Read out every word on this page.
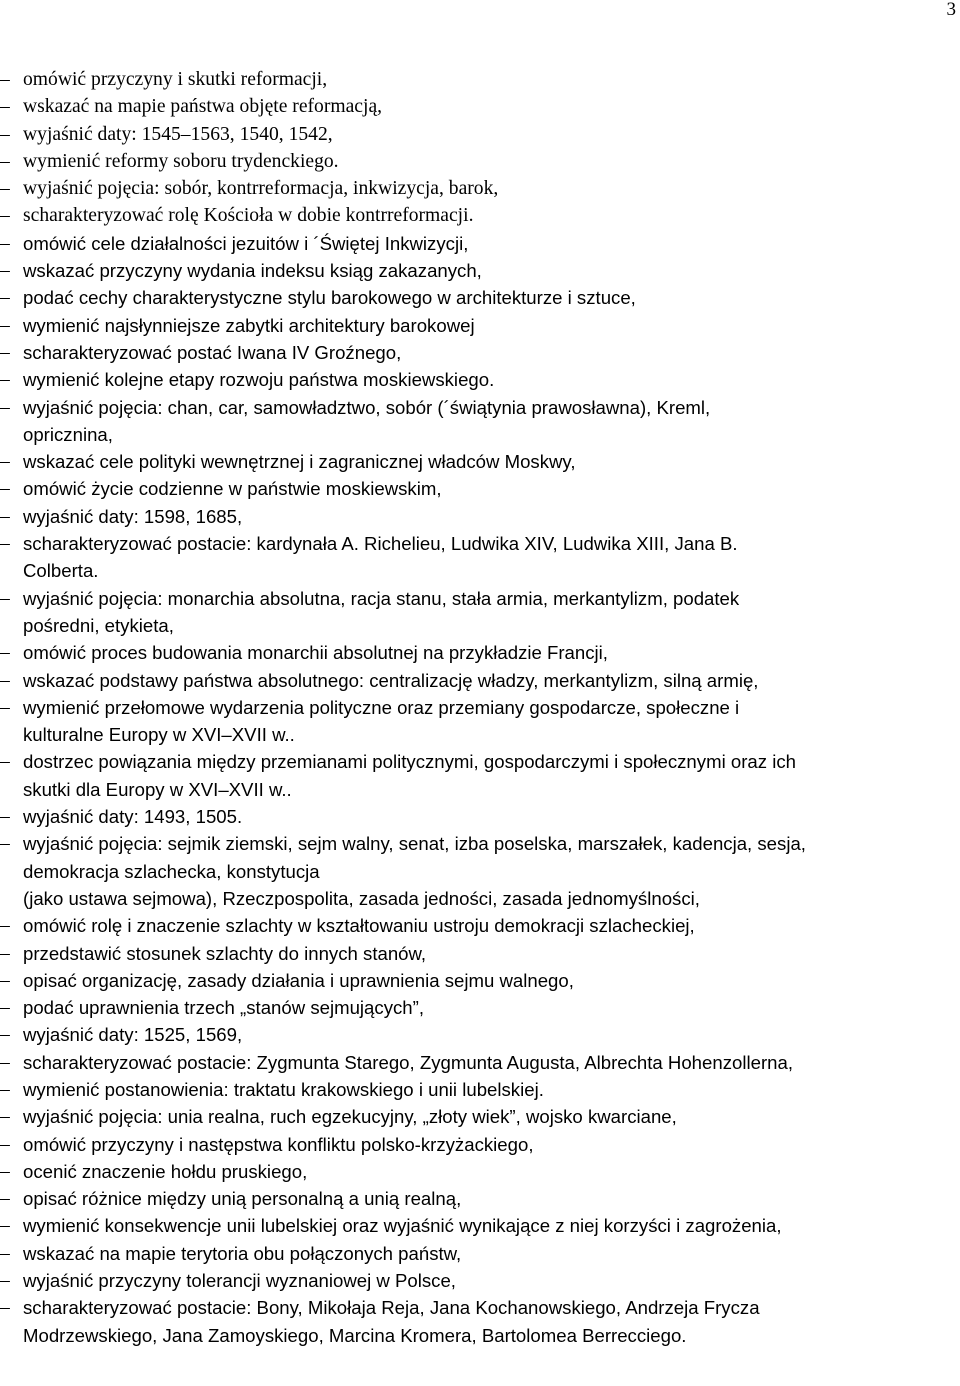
3
– omówić przyczyny i skutki reformacji,
– wskazać na mapie państwa objęte reformacją,
– wyjaśnić daty: 1545–1563, 1540, 1542,
– wymienić reformy soboru trydenckiego.
– wyjaśnić pojęcia: sobór, kontrreformacja, inkwizycja, barok,
– scharakteryzować rolę Kościoła w dobie kontrreformacji.
– omówić cele działalności jezuitów i ´Świętej Inkwizycji,
– wskazać przyczyny wydania indeksu ksiąg zakazanych,
– podać cechy charakterystyczne stylu barokowego w architekturze i sztuce,
– wymienić najsłynniejsze zabytki architektury barokowej
– scharakteryzować postać Iwana IV Groźnego,
– wymienić kolejne etapy rozwoju państwa moskiewskiego.
– wyjaśnić pojęcia: chan, car, samowładztwo, sobór (´świątynia prawosławna), Kreml,
opricznina,
– wskazać cele polityki wewnętrznej i zagranicznej władców Moskwy,
– omówić życie codzienne w państwie moskiewskim,
– wyjaśnić daty: 1598, 1685,
– scharakteryzować postacie: kardynała A. Richelieu, Ludwika XIV, Ludwika XIII, Jana B.
Colberta.
– wyjaśnić pojęcia: monarchia absolutna, racja stanu, stała armia, merkantylizm, podatek
pośredni, etykieta,
– omówić proces budowania monarchii absolutnej na przykładzie Francji,
– wskazać podstawy państwa absolutnego: centralizację władzy, merkantylizm, silną armię,
– wymienić przełomowe wydarzenia polityczne oraz przemiany gospodarcze, społeczne i
kulturalne Europy w XVI–XVII w..
– dostrzec powiązania między przemianami politycznymi, gospodarczymi i społecznymi oraz ich
skutki dla Europy w XVI–XVII w..
– wyjaśnić daty: 1493, 1505.
– wyjaśnić pojęcia: sejmik ziemski, sejm walny, senat, izba poselska, marszałek, kadencja, sesja,
demokracja szlachecka, konstytucja
(jako ustawa sejmowa), Rzeczpospolita, zasada jedności, zasada jednomyślności,
– omówić rolę i znaczenie szlachty w kształtowaniu ustroju demokracji szlacheckiej,
– przedstawić stosunek szlachty do innych stanów,
– opisać organizację, zasady działania i uprawnienia sejmu walnego,
– podać uprawnienia trzech „stanów sejmujących”,
– wyjaśnić daty: 1525, 1569,
– scharakteryzować postacie: Zygmunta Starego, Zygmunta Augusta, Albrechta Hohenzollerna,
– wymienić postanowienia: traktatu krakowskiego i unii lubelskiej.
– wyjaśnić pojęcia: unia realna, ruch egzekucyjny, „złoty wiek”, wojsko kwarciane,
– omówić przyczyny i następstwa konfliktu polsko-krzyżackiego,
– ocenić znaczenie hołdu pruskiego,
– opisać różnice między unią personalną a unią realną,
– wymienić konsekwencje unii lubelskiej oraz wyjaśnić wynikające z niej korzyści i zagrożenia,
– wskazać na mapie terytoria obu połączonych państw,
– wyjaśnić przyczyny tolerancji wyznaniowej w Polsce,
– scharakteryzować postacie: Bony, Mikołaja Reja, Jana Kochanowskiego, Andrzeja Frycza
Modrzewskiego, Jana Zamoyskiego, Marcina Kromera, Bartolomea Berrecciego.
